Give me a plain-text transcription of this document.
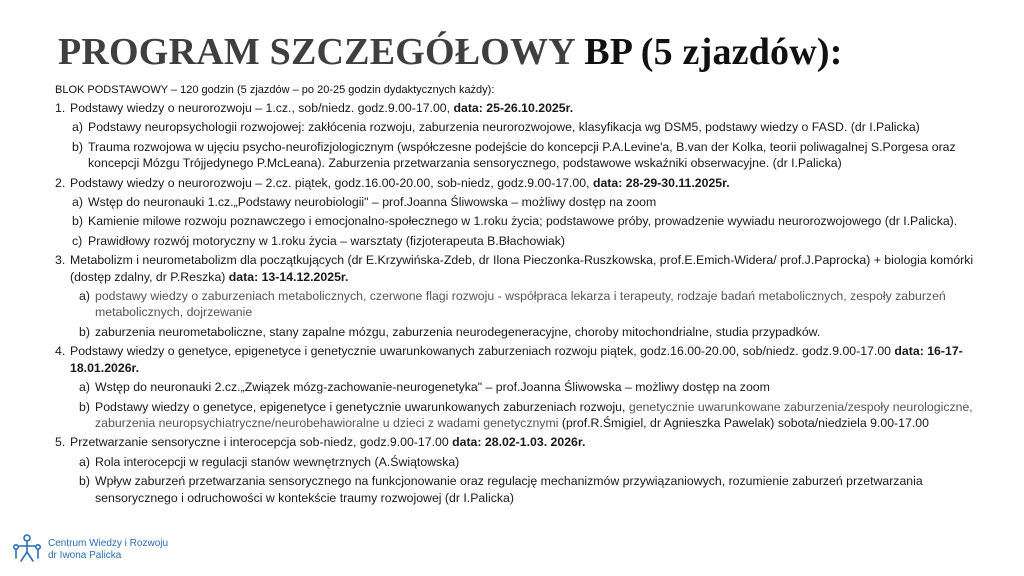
PROGRAM SZCZEGÓŁOWY BP (5 zjazdów):
BLOK PODSTAWOWY – 120 godzin (5 zjazdów – po 20-25 godzin dydaktycznych każdy):
1. Podstawy wiedzy o neurorozwoju – 1.cz., sob/niedz. godz.9.00-17.00, data: 25-26.10.2025r.
a) Podstawy neuropsychologii rozwojowej: zakłócenia rozwoju, zaburzenia neurorozwojowe, klasyfikacja wg DSM5, podstawy wiedzy o FASD. (dr I.Palicka)
b) Trauma rozwojowa w ujęciu psycho-neurofizjologicznym (współczesne podejście do koncepcji P.A.Levine'a, B.van der Kolka, teorii poliwagalnej S.Porgesa oraz koncepcji Mózgu Trójjedynego P.McLeana). Zaburzenia przetwarzania sensorycznego, podstawowe wskaźniki obserwacyjne. (dr I.Palicka)
2. Podstawy wiedzy o neurorozwoju – 2.cz. piątek, godz.16.00-20.00, sob-niedz, godz.9.00-17.00, data: 28-29-30.11.2025r.
a) Wstęp do neuronauki 1.cz.„Podstawy neurobiologii" – prof.Joanna Śliwowska – możliwy dostęp na zoom
b) Kamienie milowe rozwoju poznawczego i emocjonalno-społecznego w 1.roku życia; podstawowe próby, prowadzenie wywiadu neurorozwojowego (dr I.Palicka).
c) Prawidłowy rozwój motoryczny w 1.roku życia – warsztaty (fizjoterapeuta B.Błachowiak)
3. Metabolizm i neurometabolizm dla początkujących (dr E.Krzywińska-Zdeb, dr Ilona Pieczonka-Ruszkowska, prof.E.Emich-Widera/ prof.J.Paprocka) + biologia komórki (dostęp zdalny, dr P.Reszka) data: 13-14.12.2025r.
a) podstawy wiedzy o zaburzeniach metabolicznych, czerwone flagi rozwoju - współpraca lekarza i terapeuty, rodzaje badań metabolicznych, zespoły zaburzeń metabolicznych, dojrzewanie
b) zaburzenia neurometaboliczne, stany zapalne mózgu, zaburzenia neurodegeneracyjne, choroby mitochondrialne, studia przypadków.
4. Podstawy wiedzy o genetyce, epigenetyce i genetycznie uwarunkowanych zaburzeniach rozwoju piątek, godz.16.00-20.00, sob/niedz. godz.9.00-17.00 data: 16-17-18.01.2026r.
a) Wstęp do neuronauki 2.cz.„Związek mózg-zachowanie-neurogenetyka" – prof.Joanna Śliwowska – możliwy dostęp na zoom
b) Podstawy wiedzy o genetyce, epigenetyce i genetycznie uwarunkowanych zaburzeniach rozwoju, genetycznie uwarunkowane zaburzenia/zespoły neurologiczne, zaburzenia neuropsychiatryczne/neurobehawioralne u dzieci z wadami genetycznymi (prof.R.Śmigiel, dr Agnieszka Pawelak) sobota/niedziela 9.00-17.00
5. Przetwarzanie sensoryczne i interocepcja sob-niedz, godz.9.00-17.00 data: 28.02-1.03. 2026r.
a) Rola interocepcji w regulacji stanów wewnętrznych (A.Świątowska)
b) Wpływ zaburzeń przetwarzania sensorycznego na funkcjonowanie oraz regulację mechanizmów przywiązaniowych, rozumienie zaburzeń przetwarzania sensorycznego i odruchowości w kontekście traumy rozwojowej (dr I.Palicka)
Centrum Wiedzy i Rozwoju
dr Iwona Palicka
